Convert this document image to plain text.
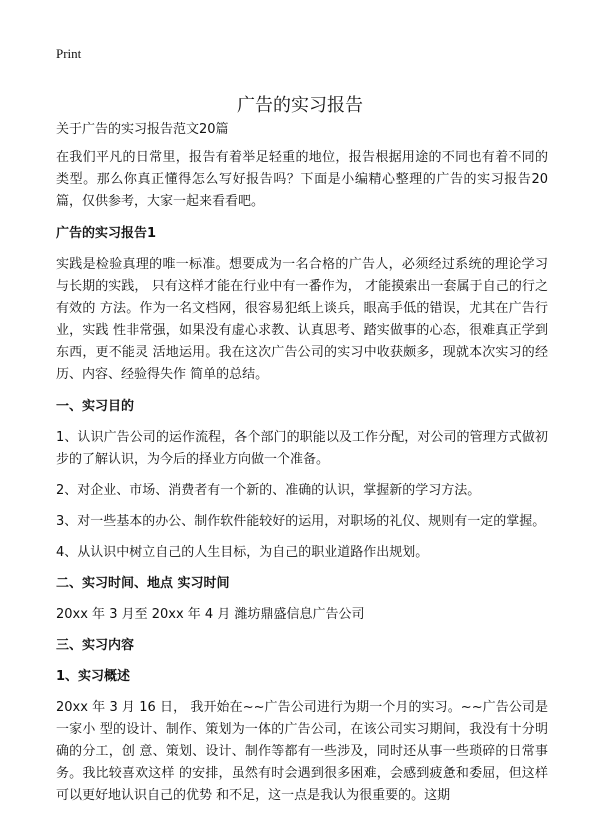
Print
广告的实习报告

关于广告的实习报告范文20篇

在我们平凡的日常里，报告有着举足轻重的地位，报告根据用途的不同也有着不同的类型。那么你真正懂得怎么写好报告吗？下面是小编精心整理的广告的实习报告20篇，仅供参考，大家一起来看看吧。

广告的实习报告1

实践是检验真理的唯一标准。想要成为一名合格的广告人，必须经过系统的理论学习 与长期的实践， 只有这样才能在行业中有一番作为， 才能摸索出一套属于自己的行之有效的 方法。作为一名文档网，很容易犯纸上谈兵，眼高手低的错误，尤其在广告行业，实践 性非常强，如果没有虚心求教、认真思考、踏实做事的心态，很难真正学到东西，更不能灵 活地运用。我在这次广告公司的实习中收获颇多，现就本次实习的经历、内容、经验得失作 简单的总结。

一、实习目的

1、认识广告公司的运作流程，各个部门的职能以及工作分配，对公司的管理方式做初 步的了解认识，为今后的择业方向做一个准备。

2、对企业、市场、消费者有一个新的、准确的认识，掌握新的学习方法。

3、对一些基本的办公、制作软件能较好的运用，对职场的礼仪、规则有一定的掌握。

4、从认识中树立自己的人生目标，为自己的职业道路作出规划。

二、实习时间、地点 实习时间

20xx 年 3 月至 20xx 年 4 月 潍坊鼎盛信息广告公司

三、实习内容
1、实习概述

20xx 年 3 月 16 日， 我开始在~~广告公司进行为期一个月的实习。~~广告公司是一家小 型的设计、制作、策划为一体的广告公司，在该公司实习期间，我没有十分明确的分工，创 意、策划、设计、制作等都有一些涉及，同时还从事一些琐碎的日常事务。我比较喜欢这样 的安排，虽然有时会遇到很多困难，会感到疲惫和委屈，但这样可以更好地认识自己的优势 和不足，这一点是我认为很重要的。这期
